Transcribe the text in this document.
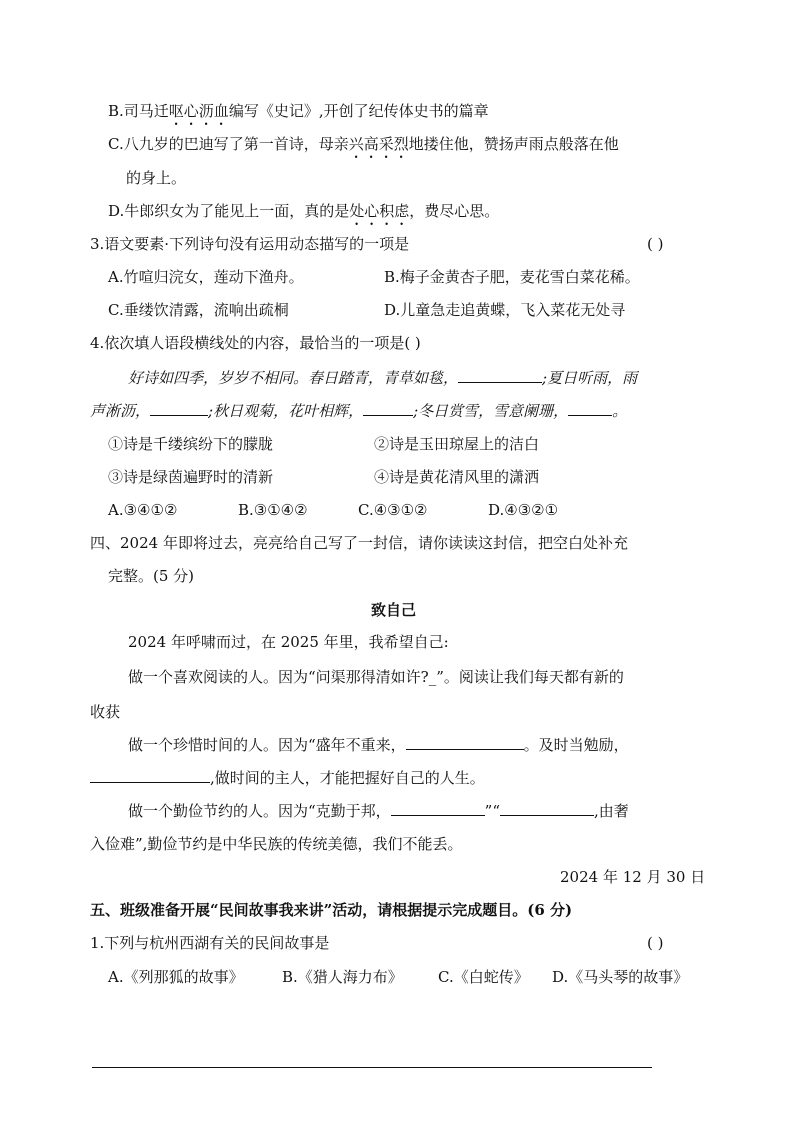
B.司马迁呕心沥血编写《史记》,开创了纪传体史书的篇章
C.八九岁的巴迪写了第一首诗，母亲兴高采烈地搂住他，赞扬声雨点般落在他
的身上。
D.牛郎织女为了能见上一面，真的是处心积虑，费尽心思。
3.语文要素·下列诗句没有运用动态描写的一项是	( )
A.竹喧归浣女，莲动下渔舟。	B.梅子金黄杏子肥，麦花雪白菜花稀。
C.垂缕饮清露，流响出疏桐	D.儿童急走追黄蝶，飞入菜花无处寻
4.依次填人语段横线处的内容，最恰当的一项是( )
好诗如四季，岁岁不相同。春日踏青，青草如毯，	;夏日听雨，雨
声淅沥，	;秋日观菊，花叶相辉，	;冬日赏雪，雪意阑珊，	。
①诗是千缕缤纷下的朦胧	②诗是玉田琼屋上的洁白
③诗是绿茵遍野时的清新	④诗是黄花清风里的潇洒
A.③④①②	B.③①④②	C.④③①②	D.④③②①
四、2024 年即将过去，亮亮给自己写了一封信，请你读读这封信，把空白处补充
完整。(5 分)
致自己
2024 年呼啸而过，在 2025 年里，我希望自己:
做一个喜欢阅读的人。因为“问渠那得清如许?_”。阅读让我们每天都有新的
收获
做一个珍惜时间的人。因为“盛年不重来，	。及时当勉励，
,做时间的主人，才能把握好自己的人生。
做一个勤俭节约的人。因为“克勤于邦，	”“	,由奢
入俭难”,勤俭节约是中华民族的传统美德，我们不能丢。
2024 年 12 月 30 日
五、班级准备开展“民间故事我来讲”活动，请根据提示完成题目。(6 分)
1.下列与杭州西湖有关的民间故事是	( )
A.《列那狐的故事》	B.《猎人海力布》 C.《白蛇传》 D.《马头琴的故事》
